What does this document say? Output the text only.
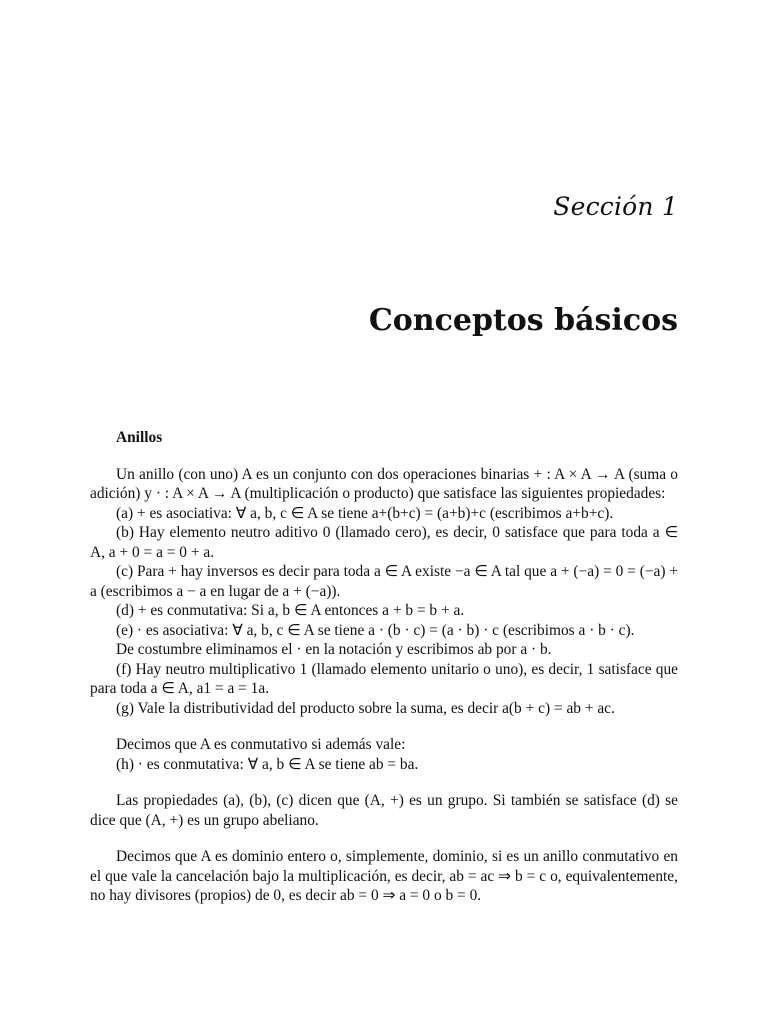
Sección 1
Conceptos básicos
Anillos

Un anillo (con uno) A es un conjunto con dos operaciones binarias + : A × A → A (suma o adición) y · : A × A → A (multiplicación o producto) que satisface las siguientes propiedades:

(a) + es asociativa: ∀ a, b, c ∈ A se tiene a+(b+c) = (a+b)+c (escribimos a+b+c).

(b) Hay elemento neutro aditivo 0 (llamado cero), es decir, 0 satisface que para toda a ∈ A, a + 0 = a = 0 + a.

(c) Para + hay inversos es decir para toda a ∈ A existe −a ∈ A tal que a + (−a) = 0 = (−a) + a (escribimos a − a en lugar de a + (−a)).

(d) + es conmutativa: Si a, b ∈ A entonces a + b = b + a.

(e) · es asociativa: ∀ a, b, c ∈ A se tiene a · (b · c) = (a · b) · c (escribimos a · b · c).

De costumbre eliminamos el · en la notación y escribimos ab por a · b.

(f) Hay neutro multiplicativo 1 (llamado elemento unitario o uno), es decir, 1 satisface que para toda a ∈ A, a1 = a = 1a.

(g) Vale la distributividad del producto sobre la suma, es decir a(b + c) = ab + ac.

Decimos que A es conmutativo si además vale:

(h) · es conmutativa: ∀ a, b ∈ A se tiene ab = ba.

Las propiedades (a), (b), (c) dicen que (A, +) es un grupo. Si también se satisface (d) se dice que (A, +) es un grupo abeliano.

Decimos que A es dominio entero o, simplemente, dominio, si es un anillo conmutativo en el que vale la cancelación bajo la multiplicación, es decir, ab = ac ⇒ b = c o, equivalentemente, no hay divisores (propios) de 0, es decir ab = 0 ⇒ a = 0 o b = 0.
